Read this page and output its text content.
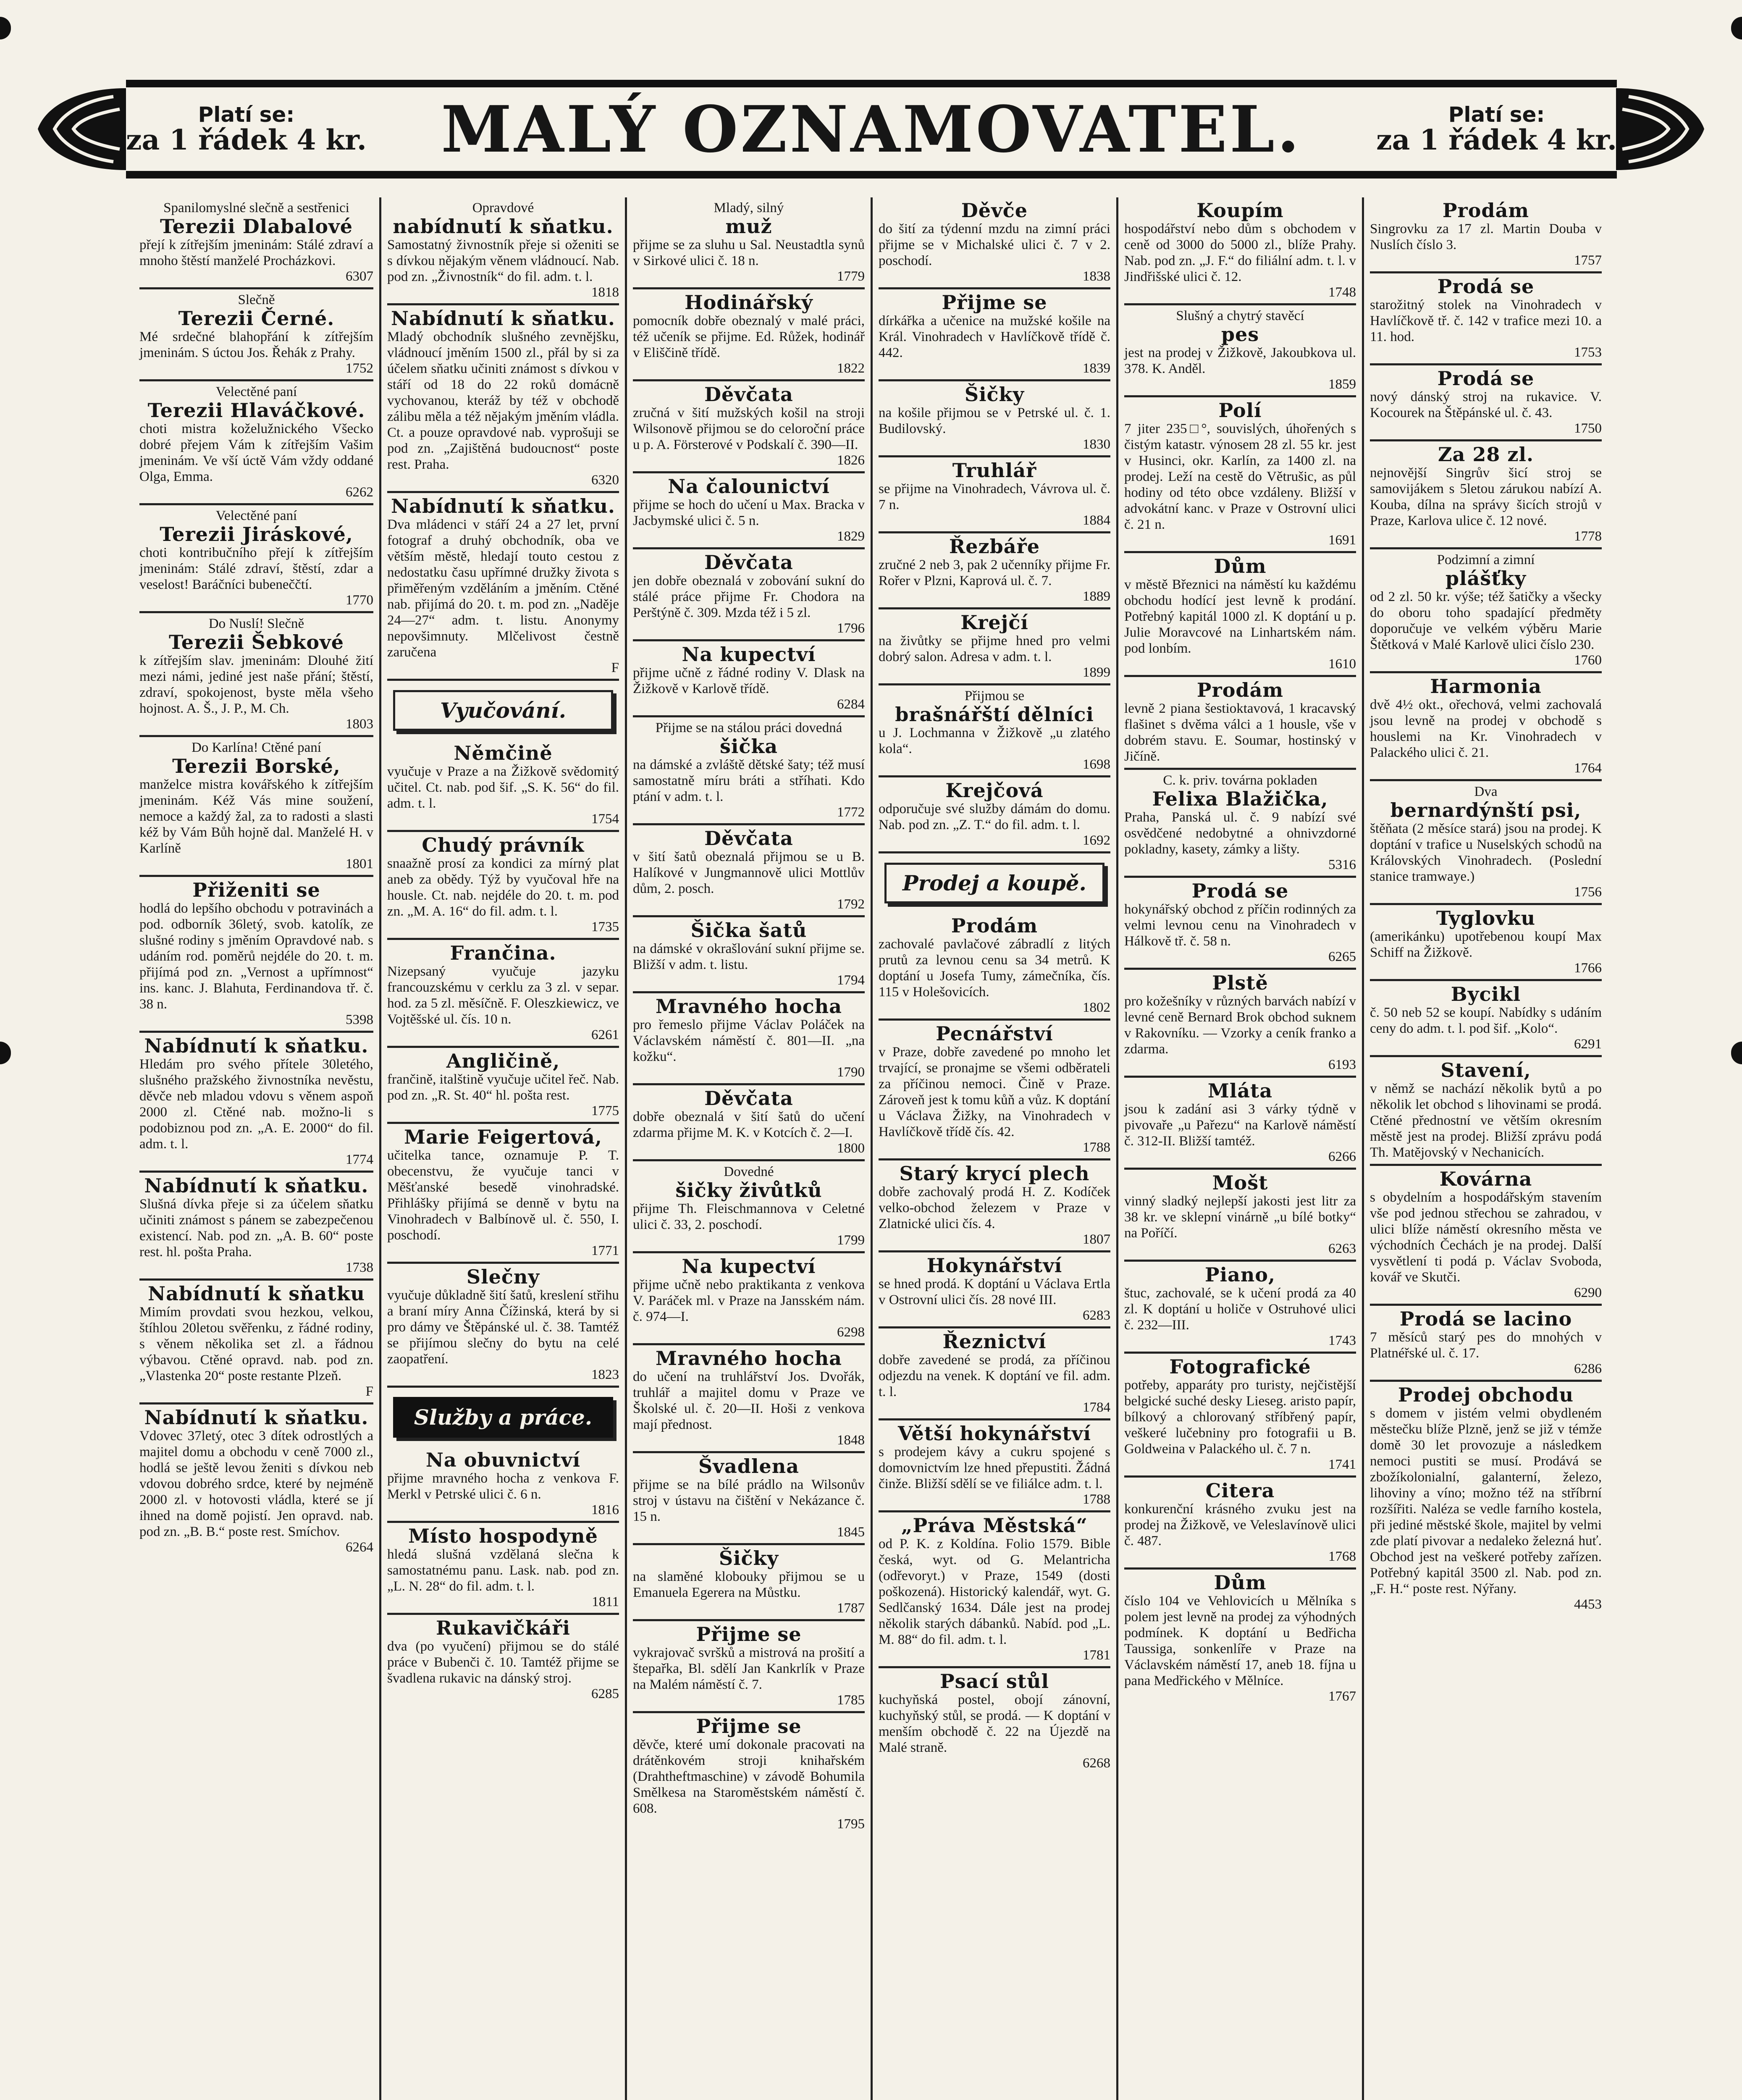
Platí se:
za 1 řádek 4 kr. MALÝ OZNAMOVATEL.	Platí se:
za 1 řádek 4 kr.
Spanilomyslné slečně a sestřenici
Terezii Dlabalové
přejí k zítřejším jmeninám: Stálé zdraví a mnoho štěstí manželé Procházkovi.
6307
Slečně
Terezii Černé.
Mé srdečné blahopřání k zítřejším jmeninám. S úctou Jos. Řehák z Prahy.
1752
Velectěné paní
Terezii Hlaváčkové.
choti mistra koželužnického Všecko dobré přejem Vám k zítřejším Vašim jmeninám. Ve vší úctě Vám vždy oddané Olga, Emma.
6262
Velectěné paní
Terezii Jiráskové,
choti kontribučního přejí k zítřejším jmeninám: Stálé zdraví, štěstí, zdar a veselost! Baráčníci bubeneččtí.
1770
Do Nuslí! Slečně
Terezii Šebkové
k zítřejším slav. jmeninám: Dlouhé žití mezi námi, jediné jest naše přání; štěstí, zdraví, spokojenost, byste měla všeho hojnost. A. Š., J. P., M. Ch.
1803
Do Karlína! Ctěné paní
Terezii Borské,
manželce mistra kovářského k zítřejším jmeninám. Kéž Vás mine soužení, nemoce a každý žal, za to radosti a slasti kéž by Vám Bůh hojně dal. Manželé H. v Karlíně
1801
Přiženiti se
hodlá do lepšího obchodu v potravinách a pod. odborník 36letý, svob. katolík, ze slušné rodiny s jměním Opravdové nab. s udáním rod. poměrů nejdéle do 20. t. m. přijímá pod zn. „Vernost a upřímnost“ ins. kanc. J. Blahuta, Ferdinandova tř. č. 38 n.
5398
Nabídnutí k sňatku.
Hledám pro svého přítele 30letého, slušného pražského živnostníka nevěstu, děvče neb mladou vdovu s věnem aspoň 2000 zl. Ctěné nab. možno-li s podobiznou pod zn. „A. E. 2000“ do fil. adm. t. l.
1774
Nabídnutí k sňatku.
Slušná dívka přeje si za účelem sňatku učiniti známost s pánem se zabezpečenou existencí. Nab. pod zn. „A. B. 60“ poste rest. hl. pošta Praha.
1738
Nabídnutí k sňatku
Mimím provdati svou hezkou, velkou, štíhlou 20letou svěřenku, z řádné rodiny, s věnem několika set zl. a řádnou výbavou. Ctěné opravd. nab. pod zn. „Vlastenka 20“ poste restante Plzeň.
F
Nabídnutí k sňatku.
Vdovec 37letý, otec 3 dítek odrostlých a majitel domu a obchodu v ceně 7000 zl., hodlá se ještě levou ženiti s dívkou neb vdovou dobrého srdce, které by nejméně 2000 zl. v hotovosti vládla, které se jí ihned na domě pojistí. Jen opravd. nab. pod zn. „B. B.“ poste rest. Smíchov.
6264
Opravdové
nabídnutí k sňatku.
Samostatný živnostník přeje si oženiti se s dívkou nějakým věnem vládnoucí. Nab. pod zn. „Živnostník“ do fil. adm. t. l.
1818
Nabídnutí k sňatku.
Mladý obchodník slušného zevnějšku, vládnoucí jměním 1500 zl., přál by si za účelem sňatku učiniti známost s dívkou v stáří od 18 do 22 roků domácně vychovanou, kteráž by též v obchodě zálibu měla a též nějakým jměním vládla. Ct. a pouze opravdové nab. vyprošuji se pod zn. „Zajištěná budoucnost“ poste rest. Praha.
6320
Nabídnutí k sňatku.
Dva mládenci v stáří 24 a 27 let, první fotograf a druhý obchodník, oba ve větším městě, hledají touto cestou z nedostatku času upřímné družky života s přiměřeným vzděláním a jměním. Ctěné nab. přijímá do 20. t. m. pod zn. „Naděje 24—27“ adm. t. listu. Anonymy nepovšimnuty. Mlčelivost čestně zaručena
F
Vyučování.
Němčině
vyučuje v Praze a na Žižkově svědomitý učitel. Ct. nab. pod šif. „S. K. 56“ do fil. adm. t. l.
1754
Chudý právník
snaažně prosí za kondici za mírný plat aneb za obědy. Týž by vyučoval hře na housle. Ct. nab. nejdéle do 20. t. m. pod zn. „M. A. 16“ do fil. adm. t. l.
1735
Frančina.
Nizepsaný vyučuje jazyku francouzskému v cerklu za 3 zl. v separ. hod. za 5 zl. měsíčně. F. Oleszkiewicz, ve Vojtěšské ul. čís. 10 n.
6261
Angličině,
frančině, italštině vyučuje učitel řeč. Nab. pod zn. „R. St. 40“ hl. pošta rest.
1775
Marie Feigertová,
učitelka tance, oznamuje P. T. obecenstvu, že vyučuje tanci v Měšťanské besedě vinohradské. Přihlášky přijímá se denně v bytu na Vinohradech v Balbínově ul. č. 550, I. poschodí.
1771
Slečny
vyučuje důkladně šití šatů, kreslení střihu a braní míry Anna Čížinská, která by si pro dámy ve Štěpánské ul. č. 38. Tamtéž se přijímou slečny do bytu na celé zaopatření.
1823
Služby a práce.
Na obuvnictví
přijme mravného hocha z venkova F. Merkl v Petrské ulici č. 6 n.
1816
Místo hospodyně
hledá slušná vzdělaná slečna k samostatnému panu. Lask. nab. pod zn. „L. N. 28“ do fil. adm. t. l.
1811
Rukavičkáři
dva (po vyučení) přijmou se do stálé práce v Bubenči č. 10. Tamtéž přijme se švadlena rukavic na dánský stroj.
6285
Mladý, silný
muž
přijme se za sluhu u Sal. Neustadtla synů v Sirkové ulici č. 18 n.
1779
Hodinářský
pomocník dobře obeznalý v malé práci, též učeník se přijme. Ed. Růžek, hodinář v Eliščině třídě.
1822
Děvčata
zručná v šití mužských košil na stroji Wilsonově přijmou se do celoroční práce u p. A. Försterové v Podskalí č. 390—II.
1826
Na čalounictví
přijme se hoch do učení u Max. Bracka v Jacbymské ulici č. 5 n.
1829
Děvčata
jen dobře obeznalá v zobování sukní do stálé práce přijme Fr. Chodora na Perštýně č. 309. Mzda též i 5 zl.
1796
Na kupectví
přijme učně z řádné rodiny V. Dlask na Žižkově v Karlově třídě.
6284
Přijme se na stálou práci dovedná
šička
na dámské a zvláště dětské šaty; též musí samostatně míru bráti a stříhati. Kdo ptání v adm. t. l.
1772
Děvčata
v šití šatů obeznalá přijmou se u B. Halíkové v Jungmannově ulici Mottlův dům, 2. posch.
1792
Šička šatů
na dámské v okrašlování sukní přijme se. Bližší v adm. t. listu.
1794
Mravného hocha
pro řemeslo přijme Václav Poláček na Václavském náměstí č. 801—II. „na kožku“.
1790
Děvčata
dobře obeznalá v šití šatů do učení zdarma přijme M. K. v Kotcích č. 2—I.
1800
Dovedné
šičky živůtků
přijme Th. Fleischmannova v Celetné ulici č. 33, 2. poschodí.
1799
Na kupectví
přijme učně nebo praktikanta z venkova V. Paráček ml. v Praze na Jansském nám. č. 974—I.
6298
Mravného hocha
do učení na truhlářství Jos. Dvořák, truhlář a majitel domu v Praze ve Školské ul. č. 20—II. Hoši z venkova mají přednost.
1848
Švadlena
přijme se na bílé prádlo na Wilsonův stroj v ústavu na čištění v Nekázance č. 15 n.
1845
Šičky
na slaměné klobouky přijmou se u Emanuela Egerera na Můstku.
1787
Přijme se
vykrajovač svršků a mistrová na prošití a štepařka, Bl. sdělí Jan Kankrlík v Praze na Malém náměstí č. 7.
1785
Přijme se
děvče, které umí dokonale pracovati na drátěnkovém stroji knihařském (Drahtheftmaschine) v závodě Bohumila Smělkesa na Staroměstském náměstí č. 608.
1795
Děvče
do šití za týdenní mzdu na zimní práci přijme se v Michalské ulici č. 7 v 2. poschodí.
1838
Přijme se
dírkářka a učenice na mužské košile na Král. Vinohradech v Havlíčkově třídě č. 442.
1839
Šičky
na košile přijmou se v Petrské ul. č. 1. Budilovský.
1830
Truhlář
se přijme na Vinohradech, Vávrova ul. č. 7 n.
1884
Řezbáře
zručné 2 neb 3, pak 2 učenníky přijme Fr. Rořer v Plzni, Kaprová ul. č. 7.
1889
Krejčí
na živůtky se přijme hned pro velmi dobrý salon. Adresa v adm. t. l.
1899
Přijmou se
brašnářští dělníci
u J. Lochmanna v Žižkově „u zlatého kola“.
1698
Krejčová
odporučuje své služby dámám do domu. Nab. pod zn. „Z. T.“ do fil. adm. t. l.
1692
Prodej a koupě.
Prodám
zachovalé pavlačové zábradlí z litých prutů za levnou cenu sa 34 metrů. K doptání u Josefa Tumy, zámečníka, čís. 115 v Holešovicích.
1802
Pecnářství
v Praze, dobře zavedené po mnoho let trvající, se pronajme se všemi odběrateli za příčinou nemoci. Čině v Praze. Zároveň jest k tomu kůň a vůz. K doptání u Václava Žižky, na Vinohradech v Havlíčkově třídě čís. 42.
1788
Starý krycí plech
dobře zachovalý prodá H. Z. Kodíček velko-obchod železem v Praze v Zlatnické ulici čís. 4.
1807
Hokynářství
se hned prodá. K doptání u Václava Ertla v Ostrovní ulici čís. 28 nové III.
6283
Řeznictví
dobře zavedené se prodá, za příčinou odjezdu na venek. K doptání ve fil. adm. t. l.
1784
Větší hokynářství
s prodejem kávy a cukru spojené s domovnictvím lze hned přepustiti. Žádná činže. Bližší sdělí se ve filiálce adm. t. l.
1788
„Práva Městská“
od P. K. z Koldína. Folio 1579. Bible česká, wyt. od G. Melantricha (odřevoryt.) v Praze, 1549 (dosti poškozená). Historický kalendář, wyt. G. Sedlčanský 1634. Dále jest na prodej několik starých dábanků. Nabíd. pod „L. M. 88“ do fil. adm. t. l.
1781
Psací stůl
kuchyňská postel, obojí zánovní, kuchyňský stůl, se prodá. — K doptání v menším obchodě č. 22 na Újezdě na Malé straně.
6268
Koupím
hospodářství nebo dům s obchodem v ceně od 3000 do 5000 zl., blíže Prahy. Nab. pod zn. „J. F.“ do filiální adm. t. l. v Jindřišské ulici č. 12.
1748
Slušný a chytrý stavěcí
pes
jest na prodej v Žižkově, Jakoubkova ul. 378. K. Anděl.
1859
Polí
7 jiter 235□°, souvislých, úhořených s čistým katastr. výnosem 28 zl. 55 kr. jest v Husinci, okr. Karlín, za 1400 zl. na prodej. Leží na cestě do Větrušic, as půl hodiny od této obce vzdáleny. Bližší v advokátní kanc. v Praze v Ostrovní ulici č. 21 n.
1691
Dům
v městě Březnici na náměstí ku každému obchodu hodící jest levně k prodání. Potřebný kapitál 1000 zl. K doptání u p. Julie Moravcové na Linhartském nám. pod lonbím.
1610
Prodám
levně 2 piana šestioktavová, 1 kracavský flašinet s dvěma válci a 1 housle, vše v dobrém stavu. E. Soumar, hostinský v Jičíně.
C. k. priv. továrna pokladen
Felixa Blažička,
Praha, Panská ul. č. 9 nabízí své osvědčené nedobytné a ohnivzdorné pokladny, kasety, zámky a lišty.
5316
Prodá se
hokynářský obchod z příčin rodinných za velmi levnou cenu na Vinohradech v Hálkově tř. č. 58 n.
6265
Plstě
pro kožešníky v různých barvách nabízí v levné ceně Bernard Brok obchod suknem v Rakovníku. — Vzorky a ceník franko a zdarma.
6193
Mláta
jsou k zadání asi 3 várky týdně v pivovaře „u Pařezu“ na Karlově náměstí č. 312-II. Bližší tamtéž.
6266
Mošt
vinný sladký nejlepší jakosti jest litr za 38 kr. ve sklepní vinárně „u bílé botky“ na Poříčí.
6263
Piano,
štuc, zachovalé, se k učení prodá za 40 zl. K doptání u holiče v Ostruhové ulici č. 232—III.
1743
Fotografické
potřeby, apparáty pro turisty, nejčistější belgické suché desky Lieseg. aristo papír, bílkový a chlorovaný stříbřený papír, veškeré lučebniny pro fotografii u B. Goldweina v Palackého ul. č. 7 n.
1741
Citera
konkurenční krásného zvuku jest na prodej na Žižkově, ve Veleslavínově ulici č. 487.
1768
Dům
číslo 104 ve Vehlovicích u Mělníka s polem jest levně na prodej za výhodných podmínek. K doptání u Bedřicha Taussiga, sonkenlíře v Praze na Václavském náměstí 17, aneb 18. fíjna u pana Medřického v Mělníce.
1767
Prodám
Singrovku za 17 zl. Martin Douba v Nuslích číslo 3.
1757
Prodá se
starožitný stolek na Vinohradech v Havlíčkově tř. č. 142 v trafice mezi 10. a 11. hod.
1753
Prodá se
nový dánský stroj na rukavice. V. Kocourek na Štěpánské ul. č. 43.
1750
Za 28 zl.
nejnovější Singrův šicí stroj se samovijákem s 5letou zárukou nabízí A. Kouba, dílna na správy šicích strojů v Praze, Karlova ulice č. 12 nové.
1778
Podzimní a zimní
plášťky
od 2 zl. 50 kr. výše; též šatičky a všecky do oboru toho spadající předměty doporučuje ve velkém výběru Marie Štětková v Malé Karlově ulici číslo 230.
1760
Harmonia
dvě 4½ okt., ořechová, velmi zachovalá jsou levně na prodej v obchodě s houslemi na Kr. Vinohradech v Palackého ulici č. 21.
1764
Dva
bernardýnští psi,
štěňata (2 měsíce stará) jsou na prodej. K doptání v trafice u Nuselských schodů na Královských Vinohradech. (Poslední stanice tramwaye.)
1756
Tyglovku
(amerikánku) upotřebenou koupí Max Schiff na Žižkově.
1766
Bycikl
č. 50 neb 52 se koupí. Nabídky s udáním ceny do adm. t. l. pod šif. „Kolo“.
6291
Stavení,
v němž se nachází několik bytů a po několik let obchod s lihovinami se prodá. Ctěné přednostní ve větším okresním městě jest na prodej. Bližší zprávu podá Th. Matějovský v Nechanicích.
Kovárna
s obydelním a hospodářským stavením vše pod jednou střechou se zahradou, v ulici blíže náměstí okresního města ve východních Čechách je na prodej. Další vysvětlení ti podá p. Václav Svoboda, kovář ve Skutči.
6290
Prodá se lacino
7 měsíců starý pes do mnohých v Platnéřské ul. č. 17.
6286
Prodej obchodu
s domem v jistém velmi obydleném městečku blíže Plzně, jenž se již v témže domě 30 let provozuje a následkem nemoci pustiti se musí. Prodává se zbožíkolonialní, galanterní, železo, lihoviny a víno; možno též na stříbrní rozšířiti. Naléza se vedle farního kostela, při jediné městské škole, majitel by velmi zde platí pivovar a nedaleko železná huť. Obchod jest na veškeré potřeby zařízen. Potřebný kapitál 3500 zl. Nab. pod zn. „F. H.“ poste rest. Nýřany.
4453
